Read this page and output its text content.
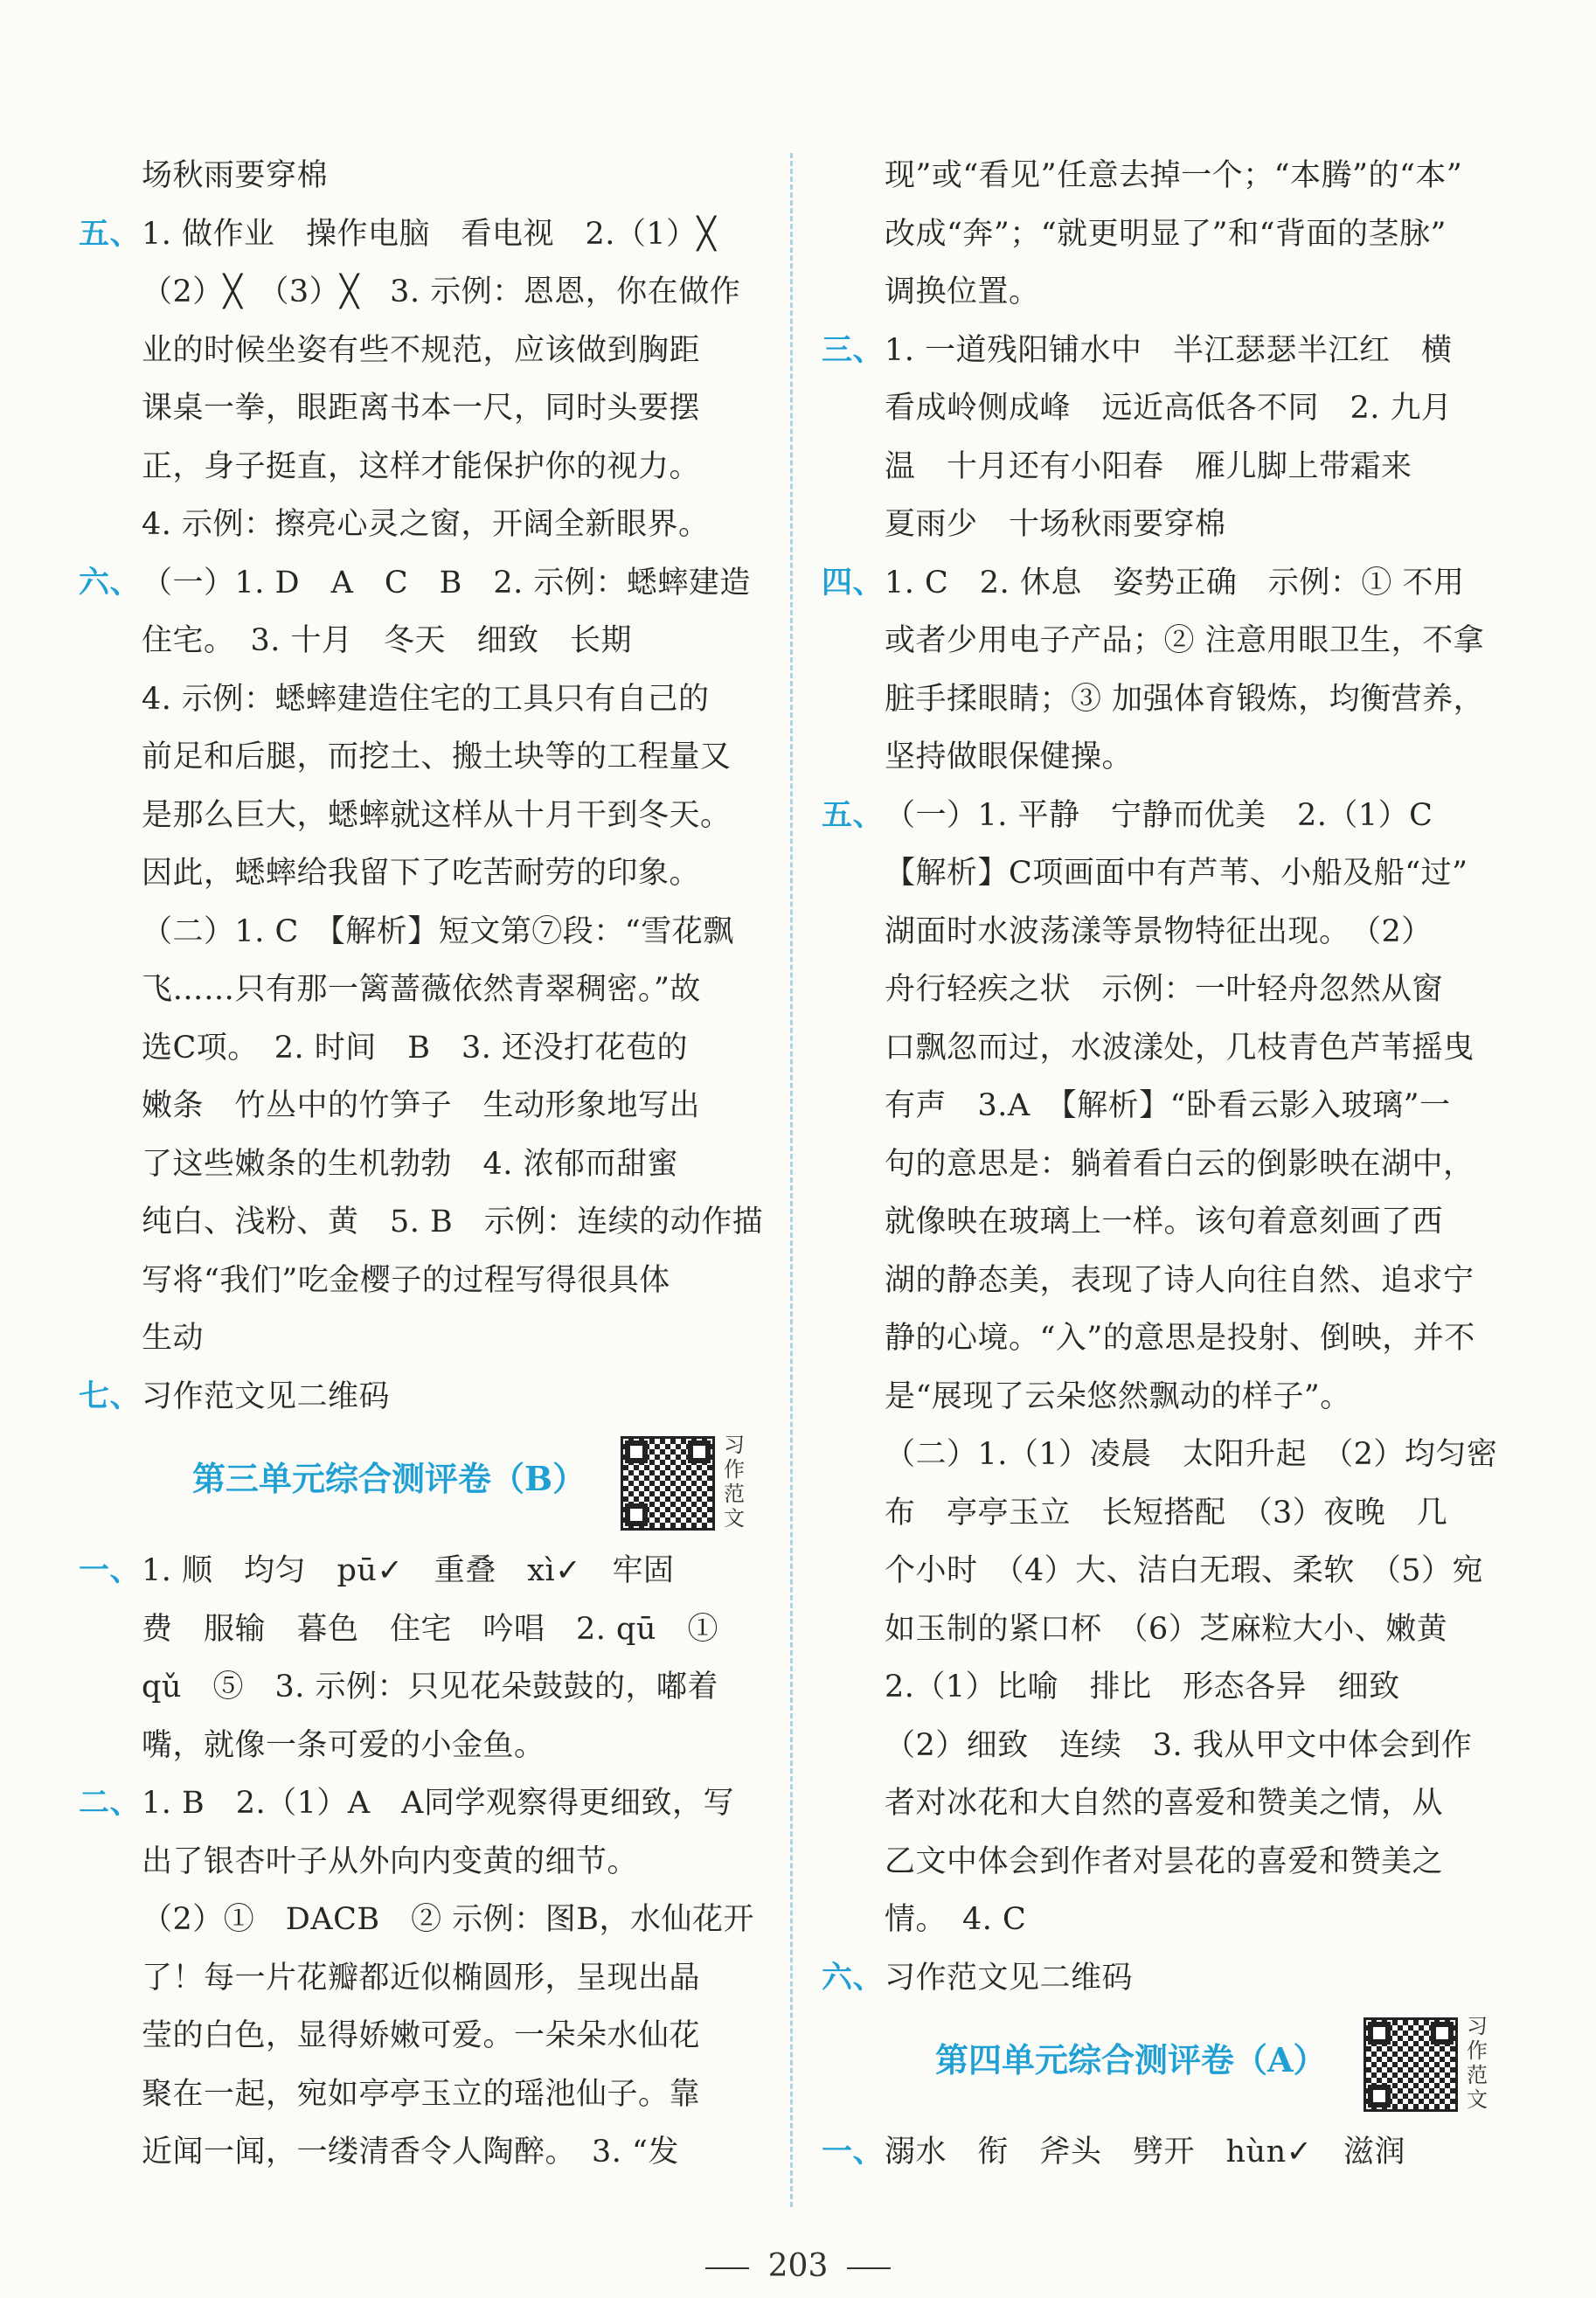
场秋雨要穿棉
五、 1. 做作业　操作电脑　看电视　2.（1）╳
（2）╳　（3）╳　3. 示例：恩恩，你在做作
业的时候坐姿有些不规范，应该做到胸距
课桌一拳，眼距离书本一尺，同时头要摆
正，身子挺直，这样才能保护你的视力。
4. 示例：擦亮心灵之窗，开阔全新眼界。
六、 （一）1. D　A　C　B　2. 示例：蟋蟀建造
住宅。　3. 十月　冬天　细致　长期
4. 示例：蟋蟀建造住宅的工具只有自己的
前足和后腿，而挖土、搬土块等的工程量又
是那么巨大，蟋蟀就这样从十月干到冬天。
因此，蟋蟀给我留下了吃苦耐劳的印象。
（二）1. C　【解析】短文第⑦段：“雪花飘
飞……只有那一篱蔷薇依然青翠稠密。”故
选C项。　2. 时间　B　3. 还没打花苞的
嫩条　竹丛中的竹笋子　生动形象地写出
了这些嫩条的生机勃勃　4. 浓郁而甜蜜
纯白、浅粉、黄　5. B　示例：连续的动作描
写将“我们”吃金樱子的过程写得很具体
生动
七、 习作范文见二维码
第三单元综合测评卷（B）
习作范文
一、 1. 顺　均匀　pū✓　重叠　xì✓　牢固
费　服输　暮色　住宅　吟唱　2. qū　①
qǔ　⑤　3. 示例：只见花朵鼓鼓的，嘟着
嘴，就像一条可爱的小金鱼。
二、 1. B　2.（1）A　A同学观察得更细致，写
出了银杏叶子从外向内变黄的细节。
（2）①　DACB　② 示例：图B，水仙花开
了！每一片花瓣都近似椭圆形，呈现出晶
莹的白色，显得娇嫩可爱。一朵朵水仙花
聚在一起，宛如亭亭玉立的瑶池仙子。靠
近闻一闻，一缕清香令人陶醉。　3. “发
现”或“看见”任意去掉一个；“本腾”的“本”
改成“奔”；“就更明显了”和“背面的茎脉”
调换位置。
三、 1. 一道残阳铺水中　半江瑟瑟半江红　横
看成岭侧成峰　远近高低各不同　2. 九月
温　十月还有小阳春　雁儿脚上带霜来
夏雨少　十场秋雨要穿棉
四、 1. C　2. 休息　姿势正确　示例：① 不用
或者少用电子产品；② 注意用眼卫生，不拿
脏手揉眼睛；③ 加强体育锻炼，均衡营养，
坚持做眼保健操。
五、 （一）1. 平静　宁静而优美　2.（1）C
【解析】C项画面中有芦苇、小船及船“过”
湖面时水波荡漾等景物特征出现。　（2）
舟行轻疾之状　示例：一叶轻舟忽然从窗
口飘忽而过，水波漾处，几枝青色芦苇摇曳
有声　3.A　【解析】“卧看云影入玻璃”一
句的意思是：躺着看白云的倒影映在湖中，
就像映在玻璃上一样。该句着意刻画了西
湖的静态美，表现了诗人向往自然、追求宁
静的心境。“入”的意思是投射、倒映，并不
是“展现了云朵悠然飘动的样子”。
（二）1.（1）凌晨　太阳升起　（2）均匀密
布　亭亭玉立　长短搭配　（3）夜晚　几
个小时　（4）大、洁白无瑕、柔软　（5）宛
如玉制的紧口杯　（6）芝麻粒大小、嫩黄
2.（1）比喻　排比　形态各异　细致
（2）细致　连续　3. 我从甲文中体会到作
者对冰花和大自然的喜爱和赞美之情，从
乙文中体会到作者对昙花的喜爱和赞美之
情。　4. C
六、 习作范文见二维码
第四单元综合测评卷（A）
习作范文
一、 溺水　衔　斧头　劈开　hùn✓　滋润
203
